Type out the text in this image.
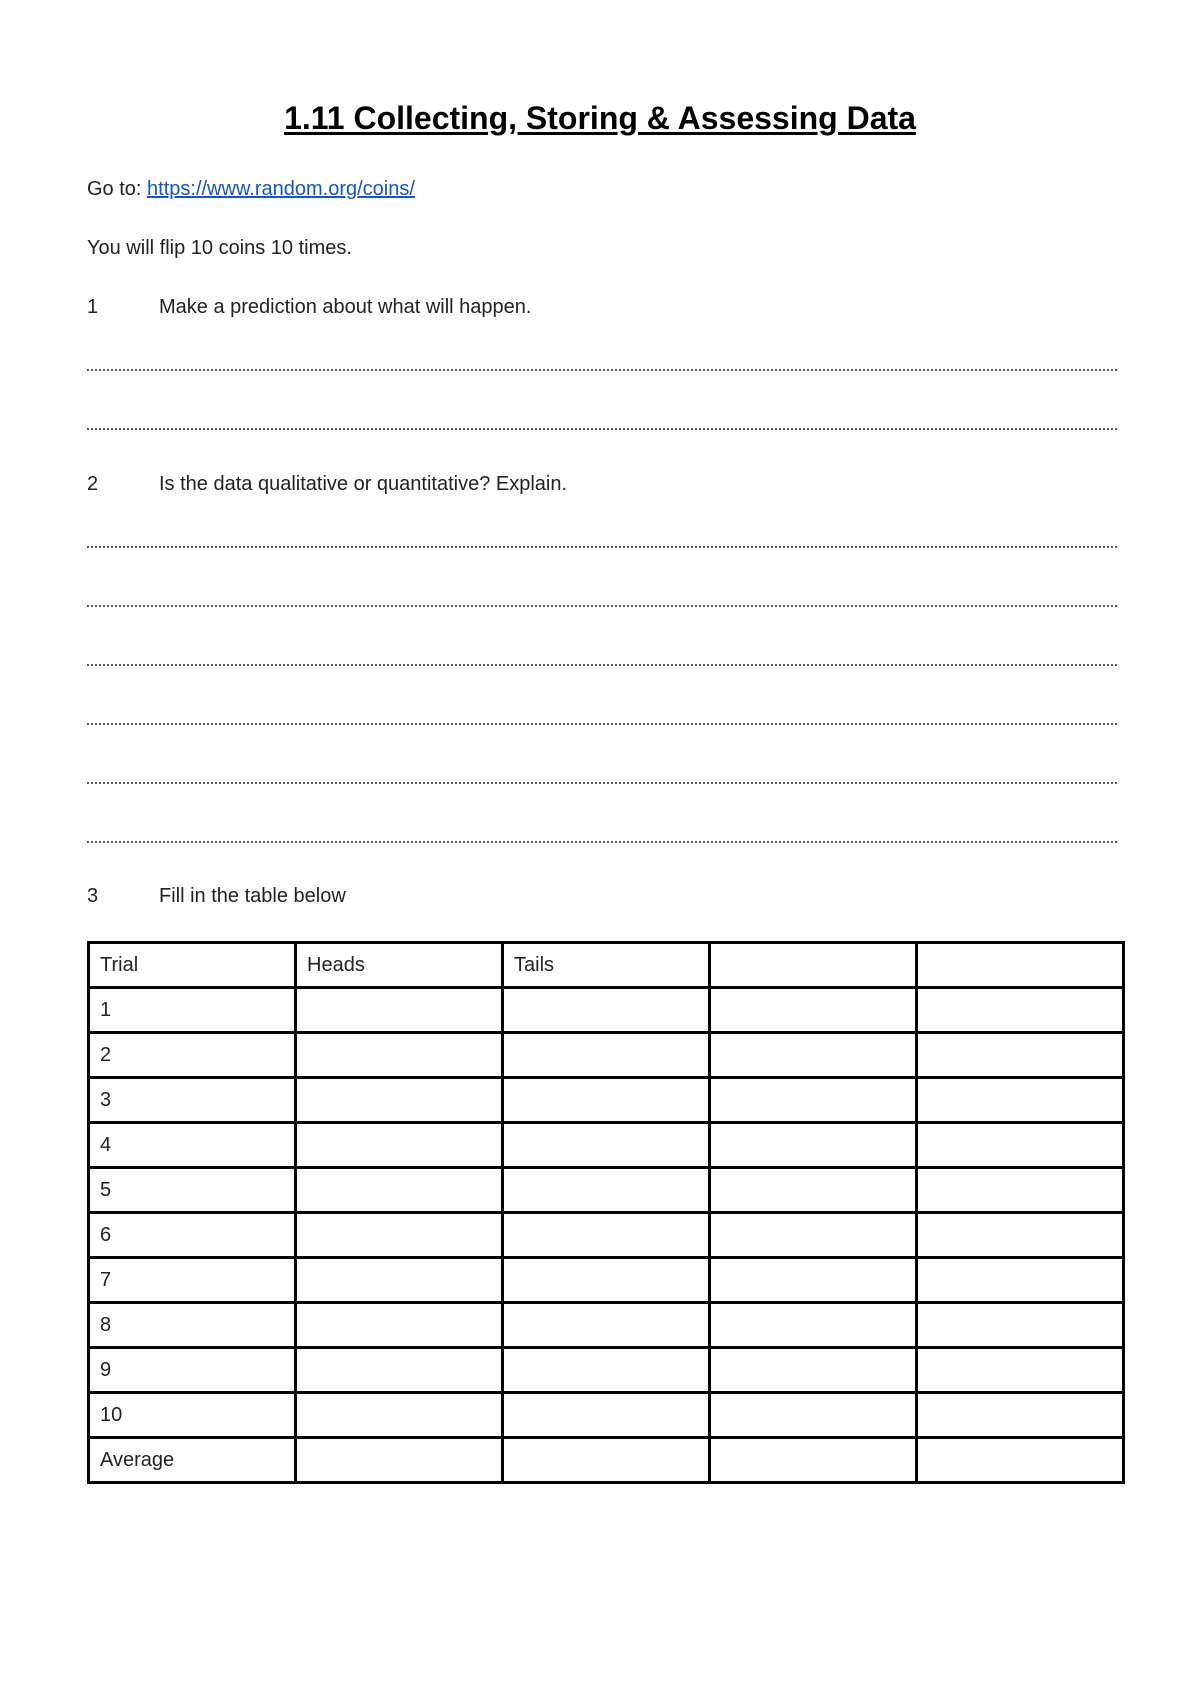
1.11 Collecting, Storing & Assessing Data
Go to: https://www.random.org/coins/
You will flip 10 coins 10 times.
1	Make a prediction about what will happen.
2	Is the data qualitative or quantitative? Explain.
3	Fill in the table below
Trial	Heads	Tails		
1				
2				
3				
4				
5				
6				
7				
8				
9				
10				
Average				
